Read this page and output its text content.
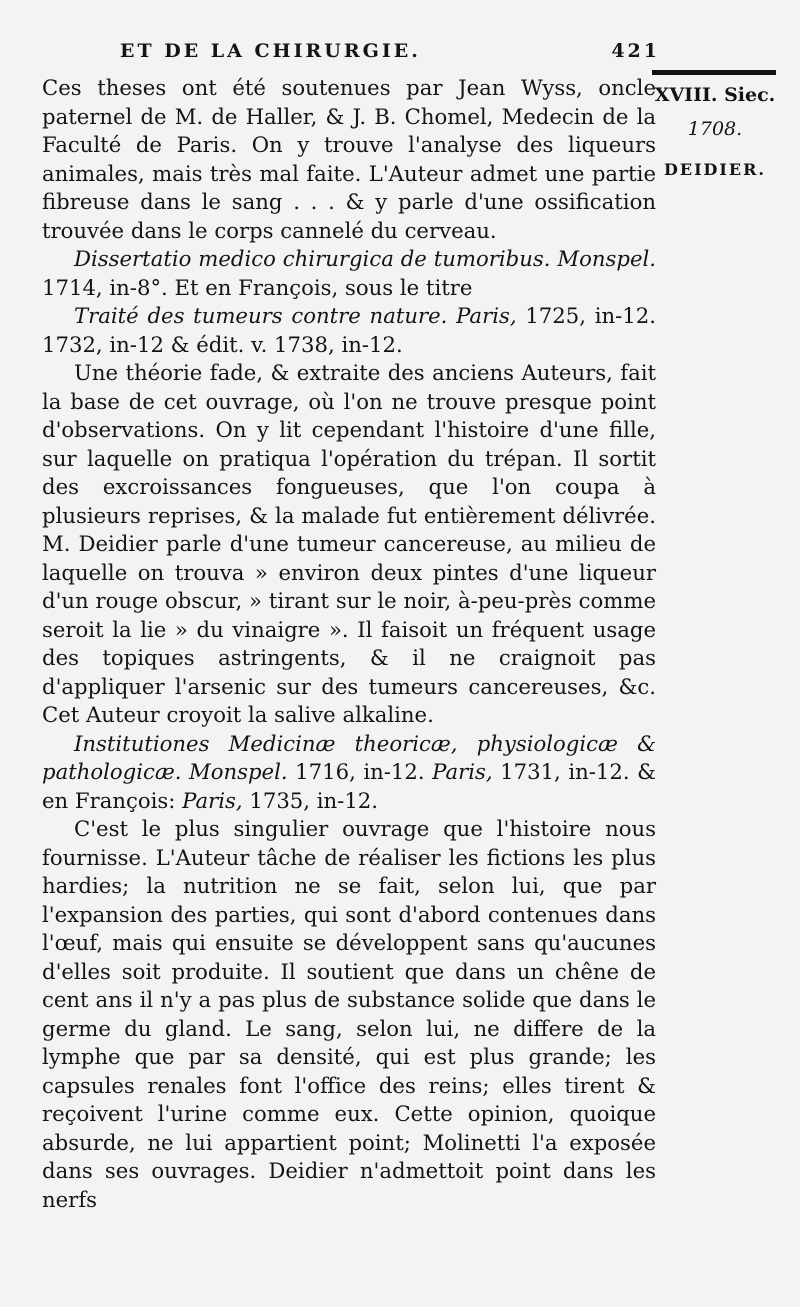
ET DE LA CHIRURGIE.	421
XVIII. Siec.
1708.
DEIDIER.

Ces theses ont été soutenues par Jean Wyss, oncle paternel de M. de Haller, & J. B. Chomel, Medecin de la Faculté de Paris. On y trouve l'analyse des liqueurs animales, mais très mal faite. L'Auteur admet une partie fibreuse dans le sang . . . & y parle d'une ossification trouvée dans le corps cannelé du cerveau.

Dissertatio medico chirurgica de tumoribus. Monspel. 1714, in-8°. Et en François, sous le titre

Traité des tumeurs contre nature. Paris, 1725, in-12. 1732, in-12 & édit. v. 1738, in-12.

Une théorie fade, & extraite des anciens Auteurs, fait la base de cet ouvrage, où l'on ne trouve presque point d'observations. On y lit cependant l'histoire d'une fille, sur laquelle on pratiqua l'opération du trépan. Il sortit des excroissances fongueuses, que l'on coupa à plusieurs reprises, & la malade fut entièrement délivrée. M. Deidier parle d'une tumeur cancereuse, au milieu de laquelle on trouva » environ deux pintes d'une liqueur d'un rouge obscur, » tirant sur le noir, à-peu-près comme seroit la lie » du vinaigre ». Il faisoit un fréquent usage des topiques astringents, & il ne craignoit pas d'appliquer l'arsenic sur des tumeurs cancereuses, &c. Cet Auteur croyoit la salive alkaline.

Institutiones Medicinæ theoricæ, physiologicæ & pathologicæ. Monspel. 1716, in-12. Paris, 1731, in-12. & en François: Paris, 1735, in-12.

C'est le plus singulier ouvrage que l'histoire nous fournisse. L'Auteur tâche de réaliser les fictions les plus hardies; la nutrition ne se fait, selon lui, que par l'expansion des parties, qui sont d'abord contenues dans l'œuf, mais qui ensuite se développent sans qu'aucunes d'elles soit produite. Il soutient que dans un chêne de cent ans il n'y a pas plus de substance solide que dans le germe du gland. Le sang, selon lui, ne differe de la lymphe que par sa densité, qui est plus grande; les capsules renales font l'office des reins; elles tirent & reçoivent l'urine comme eux. Cette opinion, quoique absurde, ne lui appartient point; Molinetti l'a exposée dans ses ouvrages. Deidier n'admettoit point dans les nerfs
